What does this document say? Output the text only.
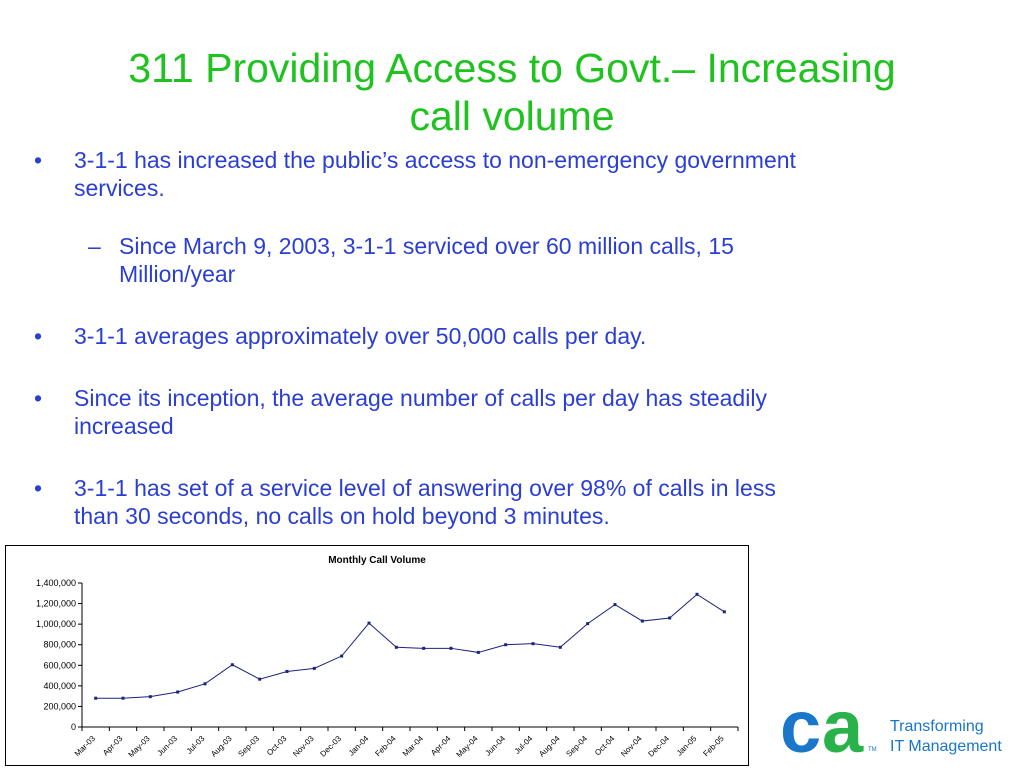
311 Providing Access to Govt.– Increasing
call volume
• 3-1-1 has increased the public’s access to non-emergency government
services.
– Since March 9, 2003, 3-1-1 serviced over 60 million calls, 15
Million/year
• 3-1-1 averages approximately over 50,000 calls per day.
• Since its inception, the average number of calls per day has steadily
increased
• 3-1-1 has set of a service level of answering over 98% of calls in less
than 30 seconds, no calls on hold beyond 3 minutes.
Monthly Call Volume
0
200,000
400,000
600,000
800,000
1,000,000
1,200,000
1,400,000
Mar-03 Apr-03 May-03 Jun-03 Jul-03 Aug-03 Sep-03 Oct-03 Nov-03 Dec-03 Jan-04 Feb-04 Mar-04 Apr-04 May-04 Jun-04 Jul-04 Aug-04 Sep-04 Oct-04 Nov-04 Dec-04 Jan-05 Feb-05 c a TM
Transforming
IT Management
